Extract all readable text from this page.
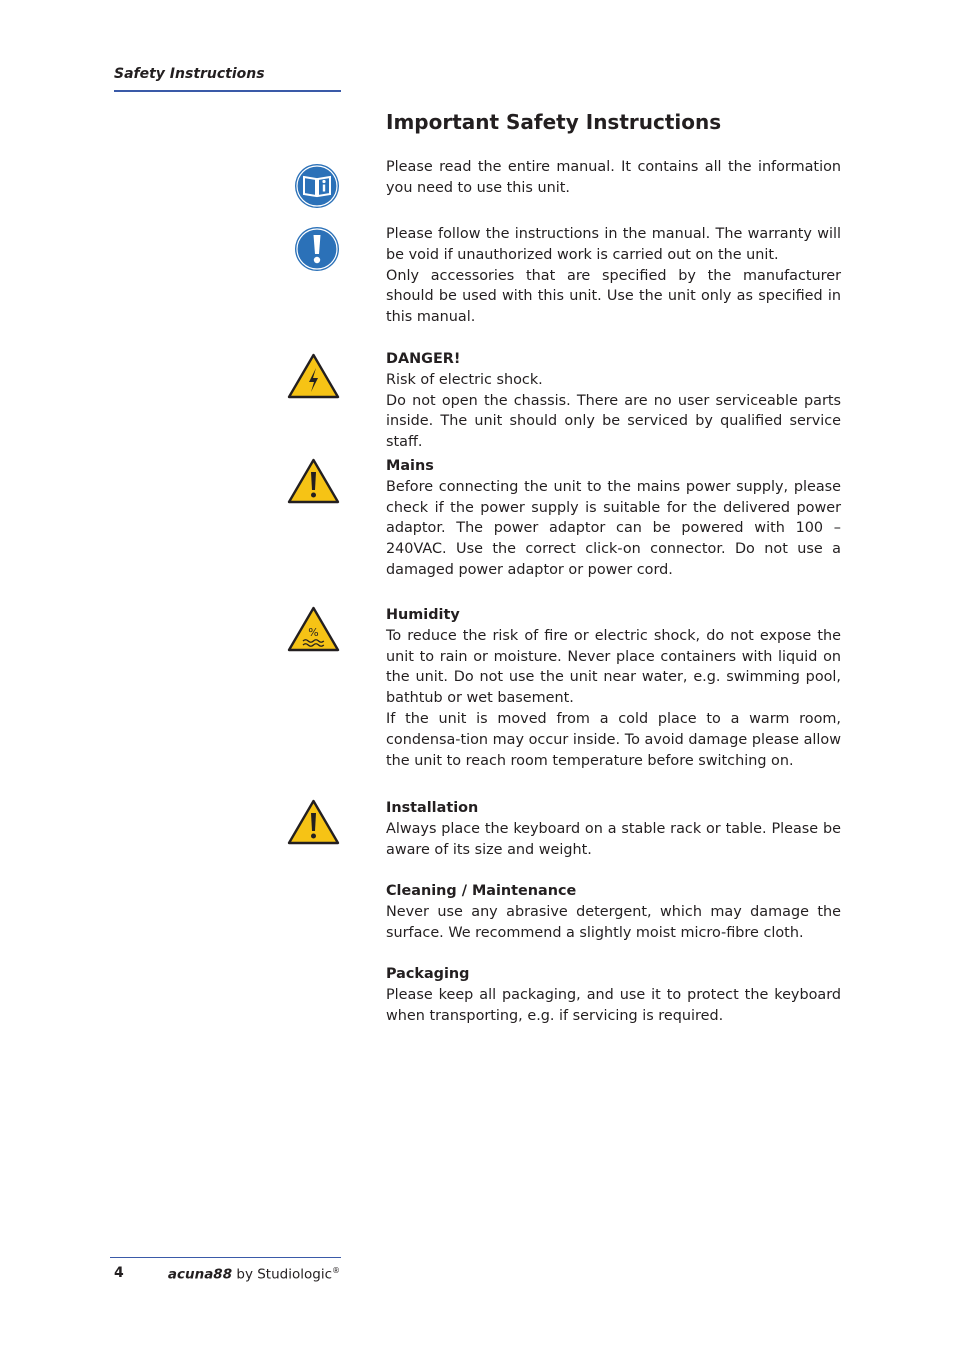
Safety Instructions
Important Safety Instructions
%

Please read the entire manual. It contains all the information you need to use this unit.

Please follow the instructions in the manual. The warranty will be void if unauthorized work is carried out on the unit.

Only accessories that are specified by the manufacturer should be used with this unit. Use the unit only as specified in this manual.

DANGER!

Risk of electric shock.

Do not open the chassis. There are no user serviceable parts inside. The unit should only be serviced by qualified service staff.

Mains

Before connecting the unit to the mains power supply, please check if the power supply is suitable for the delivered power adaptor. The power adaptor can be powered with 100 – 240VAC. Use the correct click-on connector. Do not use a damaged power adaptor or power cord.

Humidity

To reduce the risk of fire or electric shock, do not expose the unit to rain or moisture. Never place containers with liquid on the unit. Do not use the unit near water, e.g. swimming pool, bathtub or wet basement.

If the unit is moved from a cold place to a warm room, condensa-tion may occur inside. To avoid damage please allow the unit to reach room temperature before switching on.

Installation

Always place the keyboard on a stable rack or table. Please be aware of its size and weight.

Cleaning / Maintenance

Never use any abrasive detergent, which may damage the surface. We recommend a slightly moist micro-fibre cloth.

Packaging

Please keep all packaging, and use it to protect the keyboard when transporting, e.g. if servicing is required.

4	acuna88 by Studiologic®
